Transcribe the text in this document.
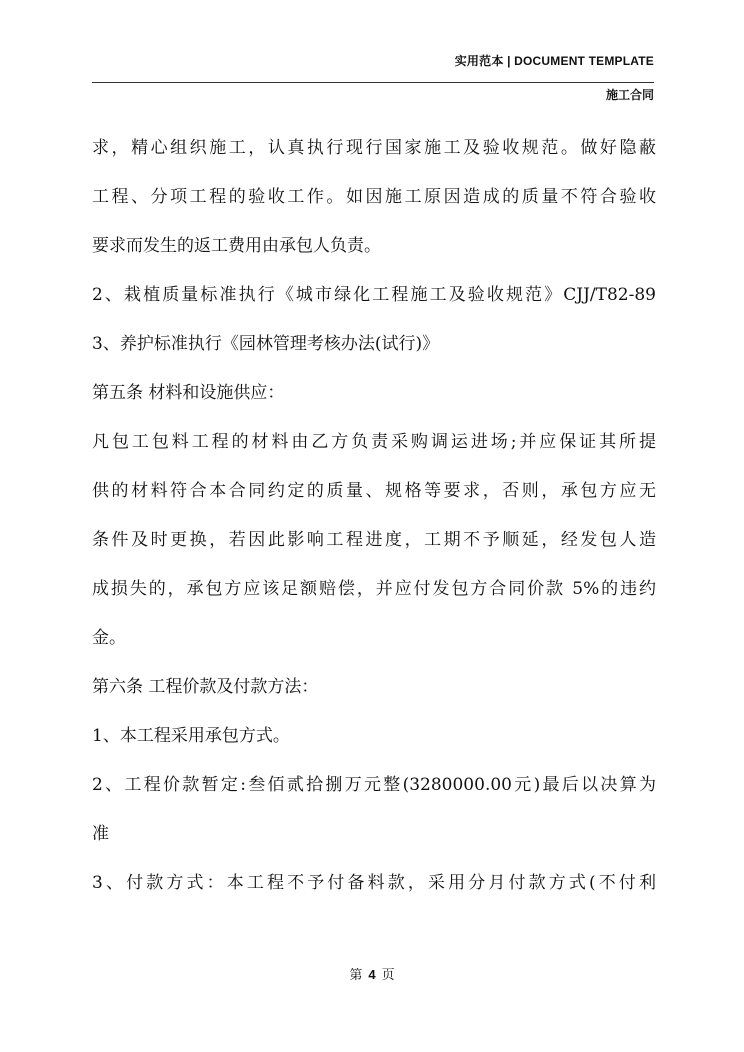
实用范本 | DOCUMENT TEMPLATE
施工合同
求，精心组织施工，认真执行现行国家施工及验收规范。做好隐蔽
工程、分项工程的验收工作。如因施工原因造成的质量不符合验收
要求而发生的返工费用由承包人负责。
2、栽植质量标准执行《城市绿化工程施工及验收规范》CJJ/T82-89
3、养护标准执行《园林管理考核办法(试行)》
第五条 材料和设施供应：
凡包工包料工程的材料由乙方负责采购调运进场;并应保证其所提
供的材料符合本合同约定的质量、规格等要求，否则，承包方应无
条件及时更换，若因此影响工程进度，工期不予顺延，经发包人造
成损失的，承包方应该足额赔偿，并应付发包方合同价款 5%的违约
金。
第六条 工程价款及付款方法：
1、本工程采用承包方式。
2、工程价款暂定:叁佰贰拾捌万元整(3280000.00元)最后以决算为
准
3、付款方式：本工程不予付备料款，采用分月付款方式(不付利
第 4 页
